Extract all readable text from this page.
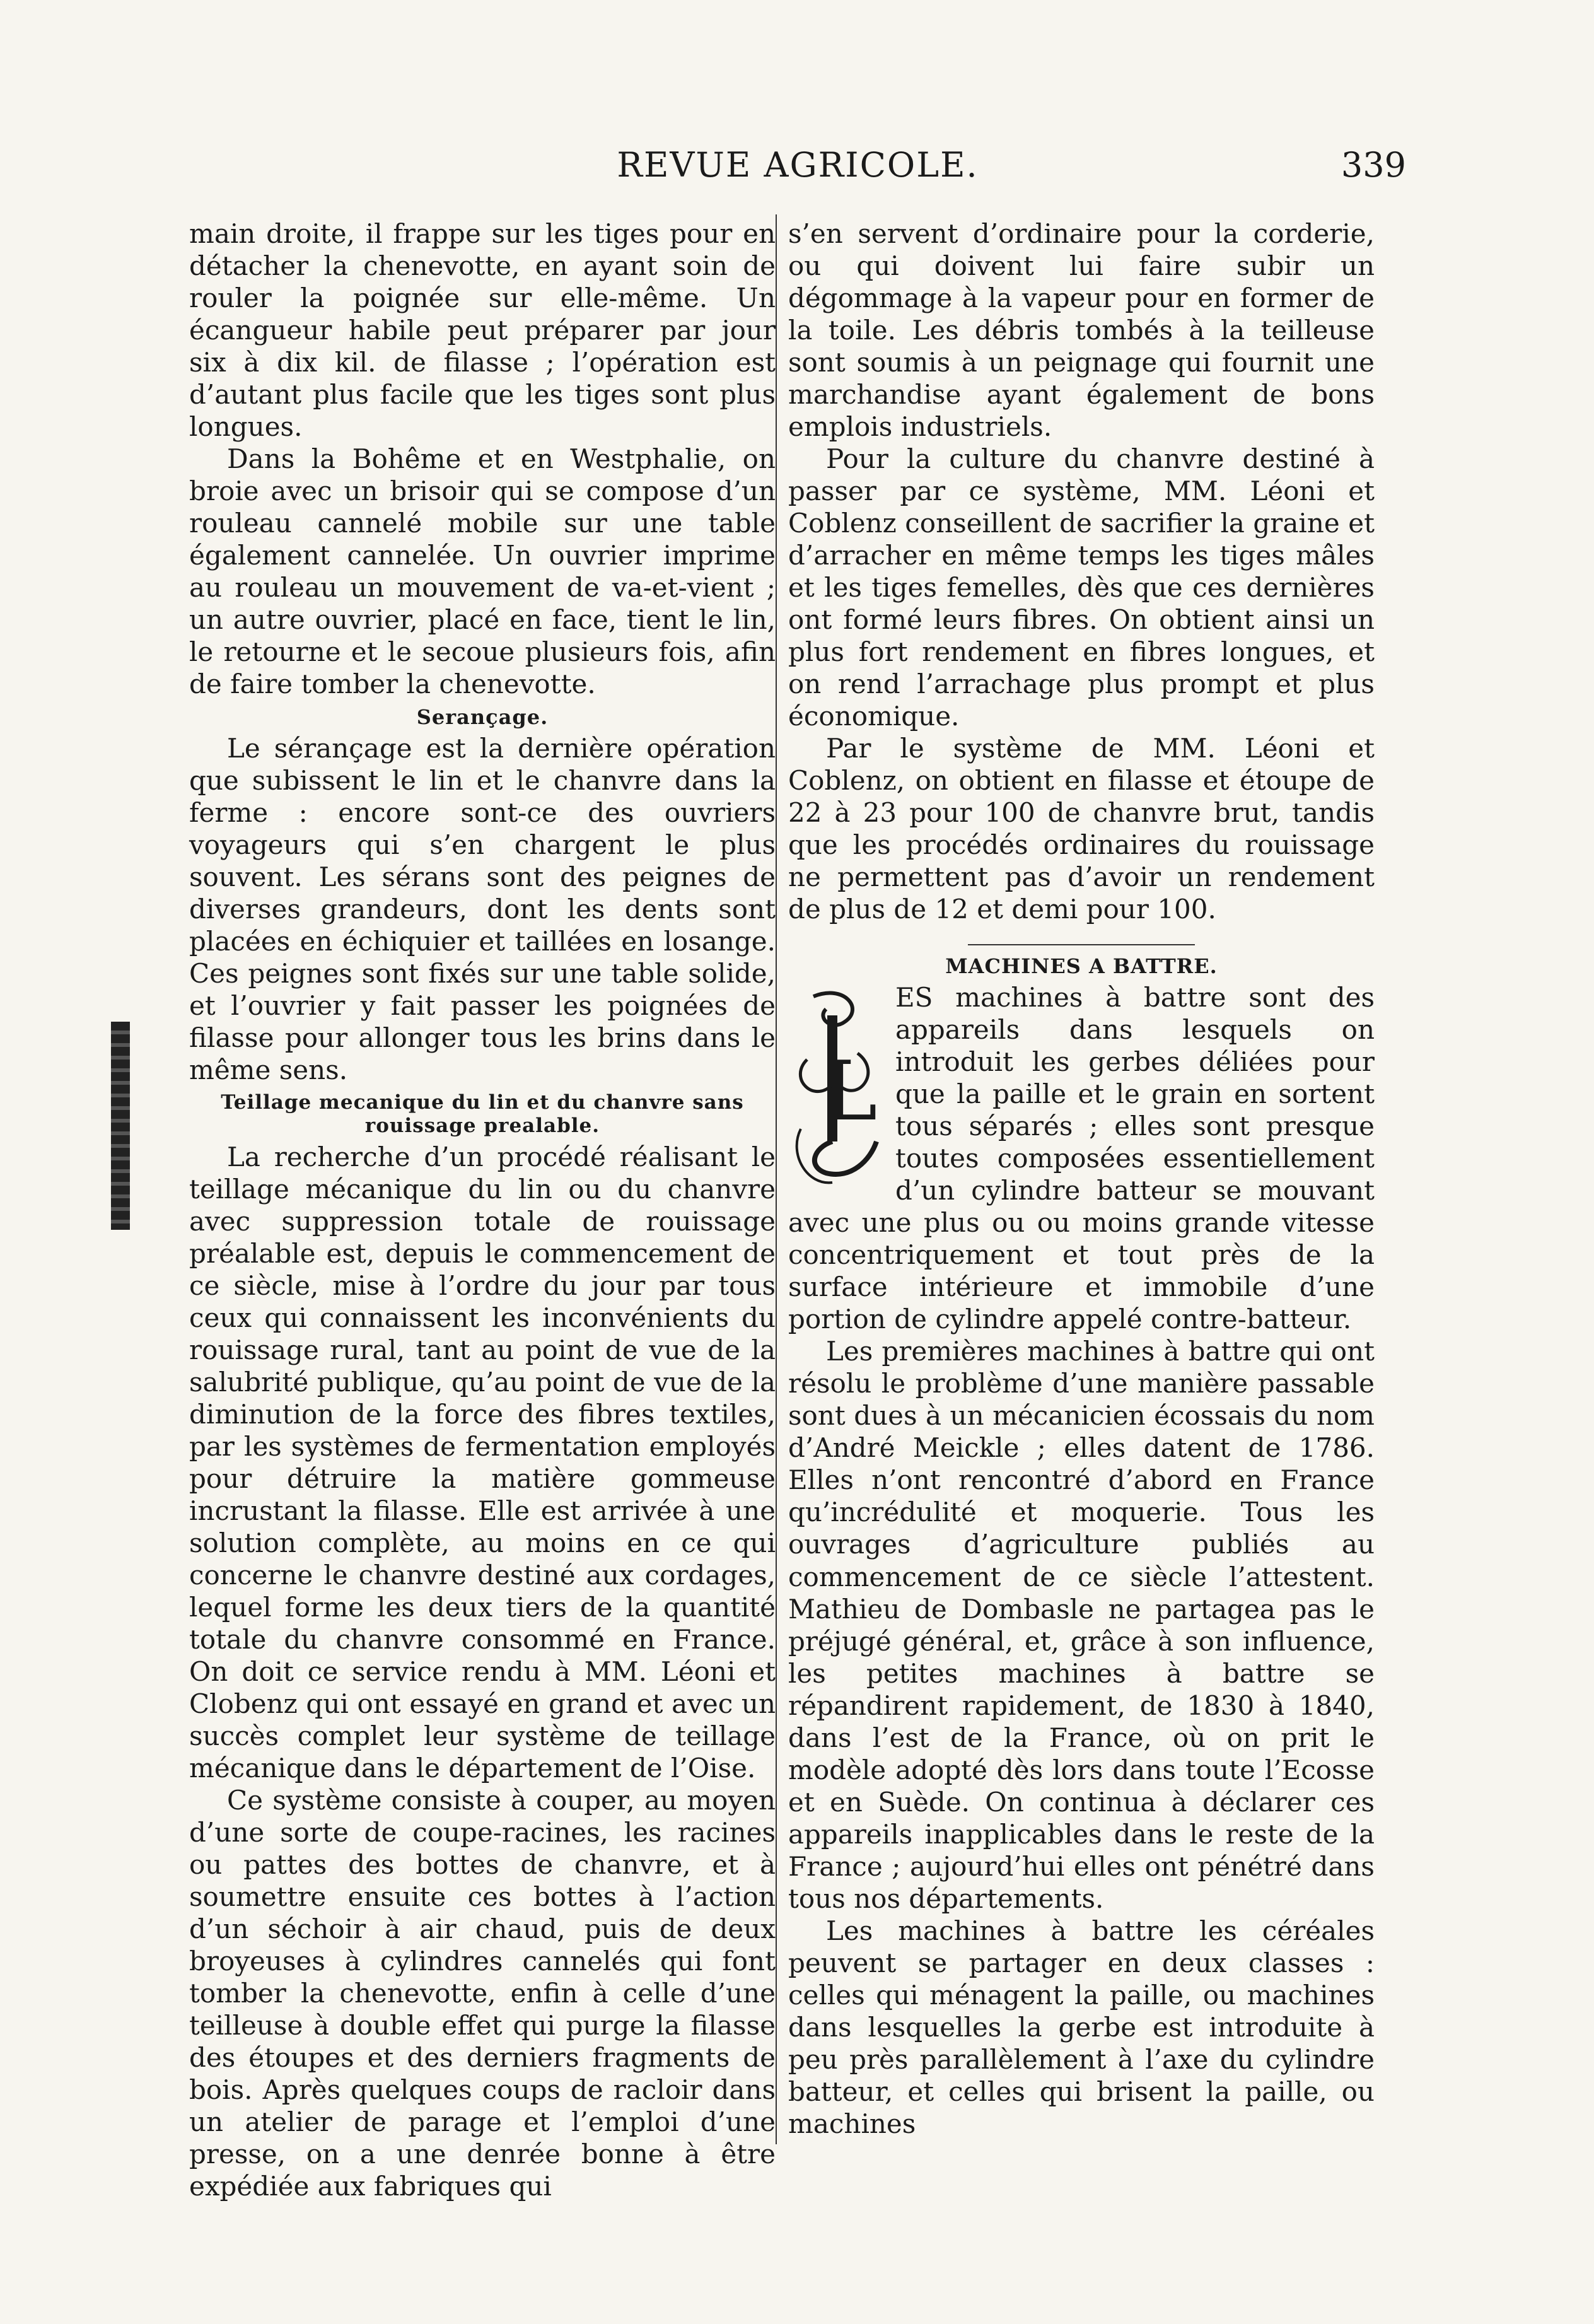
REVUE AGRICOLE.	339

main droite, il frappe sur les tiges pour en détacher la chenevotte, en ayant soin de rouler la poignée sur elle-même. Un écangueur habile peut préparer par jour six à dix kil. de filasse ; l’opération est d’autant plus facile que les tiges sont plus longues.

Dans la Bohême et en Westphalie, on broie avec un brisoir qui se compose d’un rouleau cannelé mobile sur une table également cannelée. Un ouvrier imprime au rouleau un mouvement de va-et-vient ; un autre ouvrier, placé en face, tient le lin, le retourne et le secoue plusieurs fois, afin de faire tomber la chenevotte.

Serançage.

Le sérançage est la dernière opération que subissent le lin et le chanvre dans la ferme : encore sont-ce des ouvriers voyageurs qui s’en chargent le plus souvent. Les sérans sont des peignes de diverses grandeurs, dont les dents sont placées en échiquier et taillées en losange. Ces peignes sont fixés sur une table solide, et l’ouvrier y fait passer les poignées de filasse pour allonger tous les brins dans le même sens.

Teillage mecanique du lin et du chanvre sans rouissage prealable.

La recherche d’un procédé réalisant le teillage mécanique du lin ou du chanvre avec suppression totale de rouissage préalable est, depuis le commencement de ce siècle, mise à l’ordre du jour par tous ceux qui connaissent les inconvénients du rouissage rural, tant au point de vue de la salubrité publique, qu’au point de vue de la diminution de la force des fibres textiles, par les systèmes de fermentation employés pour détruire la matière gommeuse incrustant la filasse. Elle est arrivée à une solution complète, au moins en ce qui concerne le chanvre destiné aux cordages, lequel forme les deux tiers de la quantité totale du chanvre consommé en France. On doit ce service rendu à MM. Léoni et Clobenz qui ont essayé en grand et avec un succès complet leur système de teillage mécanique dans le département de l’Oise.

Ce système consiste à couper, au moyen d’une sorte de coupe-racines, les racines ou pattes des bottes de chanvre, et à soumettre ensuite ces bottes à l’action d’un séchoir à air chaud, puis de deux broyeuses à cylindres cannelés qui font tomber la chenevotte, enfin à celle d’une teilleuse à double effet qui purge la filasse des étoupes et des derniers fragments de bois. Après quelques coups de racloir dans un atelier de parage et l’emploi d’une presse, on a une denrée bonne à être expédiée aux fabriques qui

s’en servent d’ordinaire pour la corderie, ou qui doivent lui faire subir un dégommage à la vapeur pour en former de la toile. Les débris tombés à la teilleuse sont soumis à un peignage qui fournit une marchandise ayant également de bons emplois industriels.

Pour la culture du chanvre destiné à passer par ce système, MM. Léoni et Coblenz conseillent de sacrifier la graine et d’arracher en même temps les tiges mâles et les tiges femelles, dès que ces dernières ont formé leurs fibres. On obtient ainsi un plus fort rendement en fibres longues, et on rend l’arrachage plus prompt et plus économique.

Par le système de MM. Léoni et Coblenz, on obtient en filasse et étoupe de 22 à 23 pour 100 de chanvre brut, tandis que les procédés ordinaires du rouissage ne permettent pas d’avoir un rendement de plus de 12 et demi pour 100.

MACHINES A BATTRE.
L

ES machines à battre sont des appareils dans lesquels on introduit les gerbes déliées pour que la paille et le grain en sortent tous séparés ; elles sont presque toutes composées essentiellement d’un cylindre batteur se mouvant avec une plus ou ou moins grande vitesse concentriquement et tout près de la surface intérieure et immobile d’une portion de cylindre appelé contre-batteur.

Les premières machines à battre qui ont résolu le problème d’une manière passable sont dues à un mécanicien écossais du nom d’André Meickle ; elles datent de 1786. Elles n’ont rencontré d’abord en France qu’incrédulité et moquerie. Tous les ouvrages d’agriculture publiés au commencement de ce siècle l’attestent. Mathieu de Dombasle ne partagea pas le préjugé général, et, grâce à son influence, les petites machines à battre se répandirent rapidement, de 1830 à 1840, dans l’est de la France, où on prit le modèle adopté dès lors dans toute l’Ecosse et en Suède. On continua à déclarer ces appareils inapplicables dans le reste de la France ; aujourd’hui elles ont pénétré dans tous nos départements.

Les machines à battre les céréales peuvent se partager en deux classes : celles qui ménagent la paille, ou machines dans lesquelles la gerbe est introduite à peu près parallèlement à l’axe du cylindre batteur, et celles qui brisent la paille, ou machines
